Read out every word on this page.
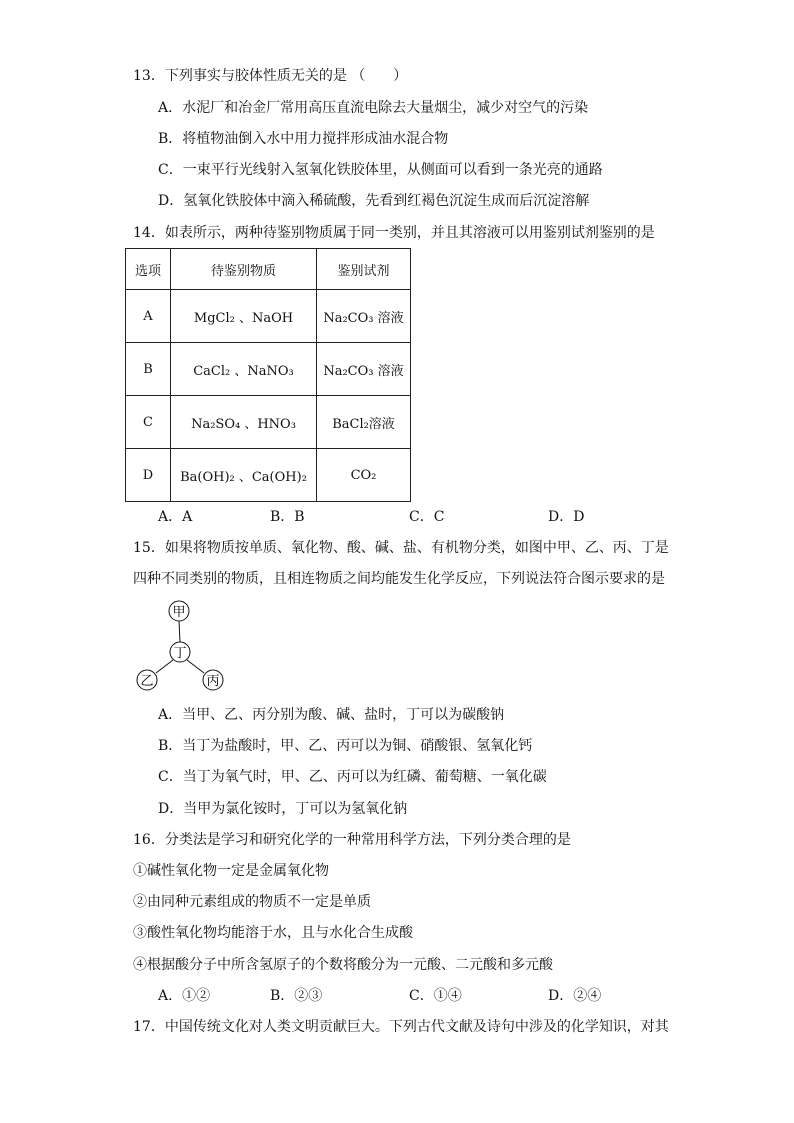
13．下列事实与胶体性质无关的是 （　　）
A．水泥厂和冶金厂常用高压直流电除去大量烟尘，减少对空气的污染
B．将植物油倒入水中用力搅拌形成油水混合物
C．一束平行光线射入氢氧化铁胶体里，从侧面可以看到一条光亮的通路
D．氢氧化铁胶体中滴入稀硫酸，先看到红褐色沉淀生成而后沉淀溶解
14．如表所示，两种待鉴别物质属于同一类别，并且其溶液可以用鉴别试剂鉴别的是
选项	待鉴别物质	鉴别试剂
A	MgCl₂ 、NaOH	Na₂CO₃ 溶液
B	CaCl₂ 、NaNO₃	Na₂CO₃ 溶液
C	Na₂SO₄ 、HNO₃	BaCl₂溶液
D	Ba(OH)₂ 、Ca(OH)₂	CO₂
A．A	B．B	C．C	D．D
15．如果将物质按单质、氧化物、酸、碱、盐、有机物分类，如图中甲、乙、丙、丁是
四种不同类别的物质，且相连物质之间均能发生化学反应，下列说法符合图示要求的是
甲
丁
乙	丙
A．当甲、乙、丙分别为酸、碱、盐时，丁可以为碳酸钠
B．当丁为盐酸时，甲、乙、丙可以为铜、硝酸银、氢氧化钙
C．当丁为氧气时，甲、乙、丙可以为红磷、葡萄糖、一氧化碳
D．当甲为氯化铵时，丁可以为氢氧化钠
16．分类法是学习和研究化学的一种常用科学方法，下列分类合理的是
①碱性氧化物一定是金属氧化物
②由同种元素组成的物质不一定是单质
③酸性氧化物均能溶于水，且与水化合生成酸
④根据酸分子中所含氢原子的个数将酸分为一元酸、二元酸和多元酸
A．①②	B．②③	C．①④	D．②④
17．中国传统文化对人类文明贡献巨大。下列古代文献及诗句中涉及的化学知识，对其
